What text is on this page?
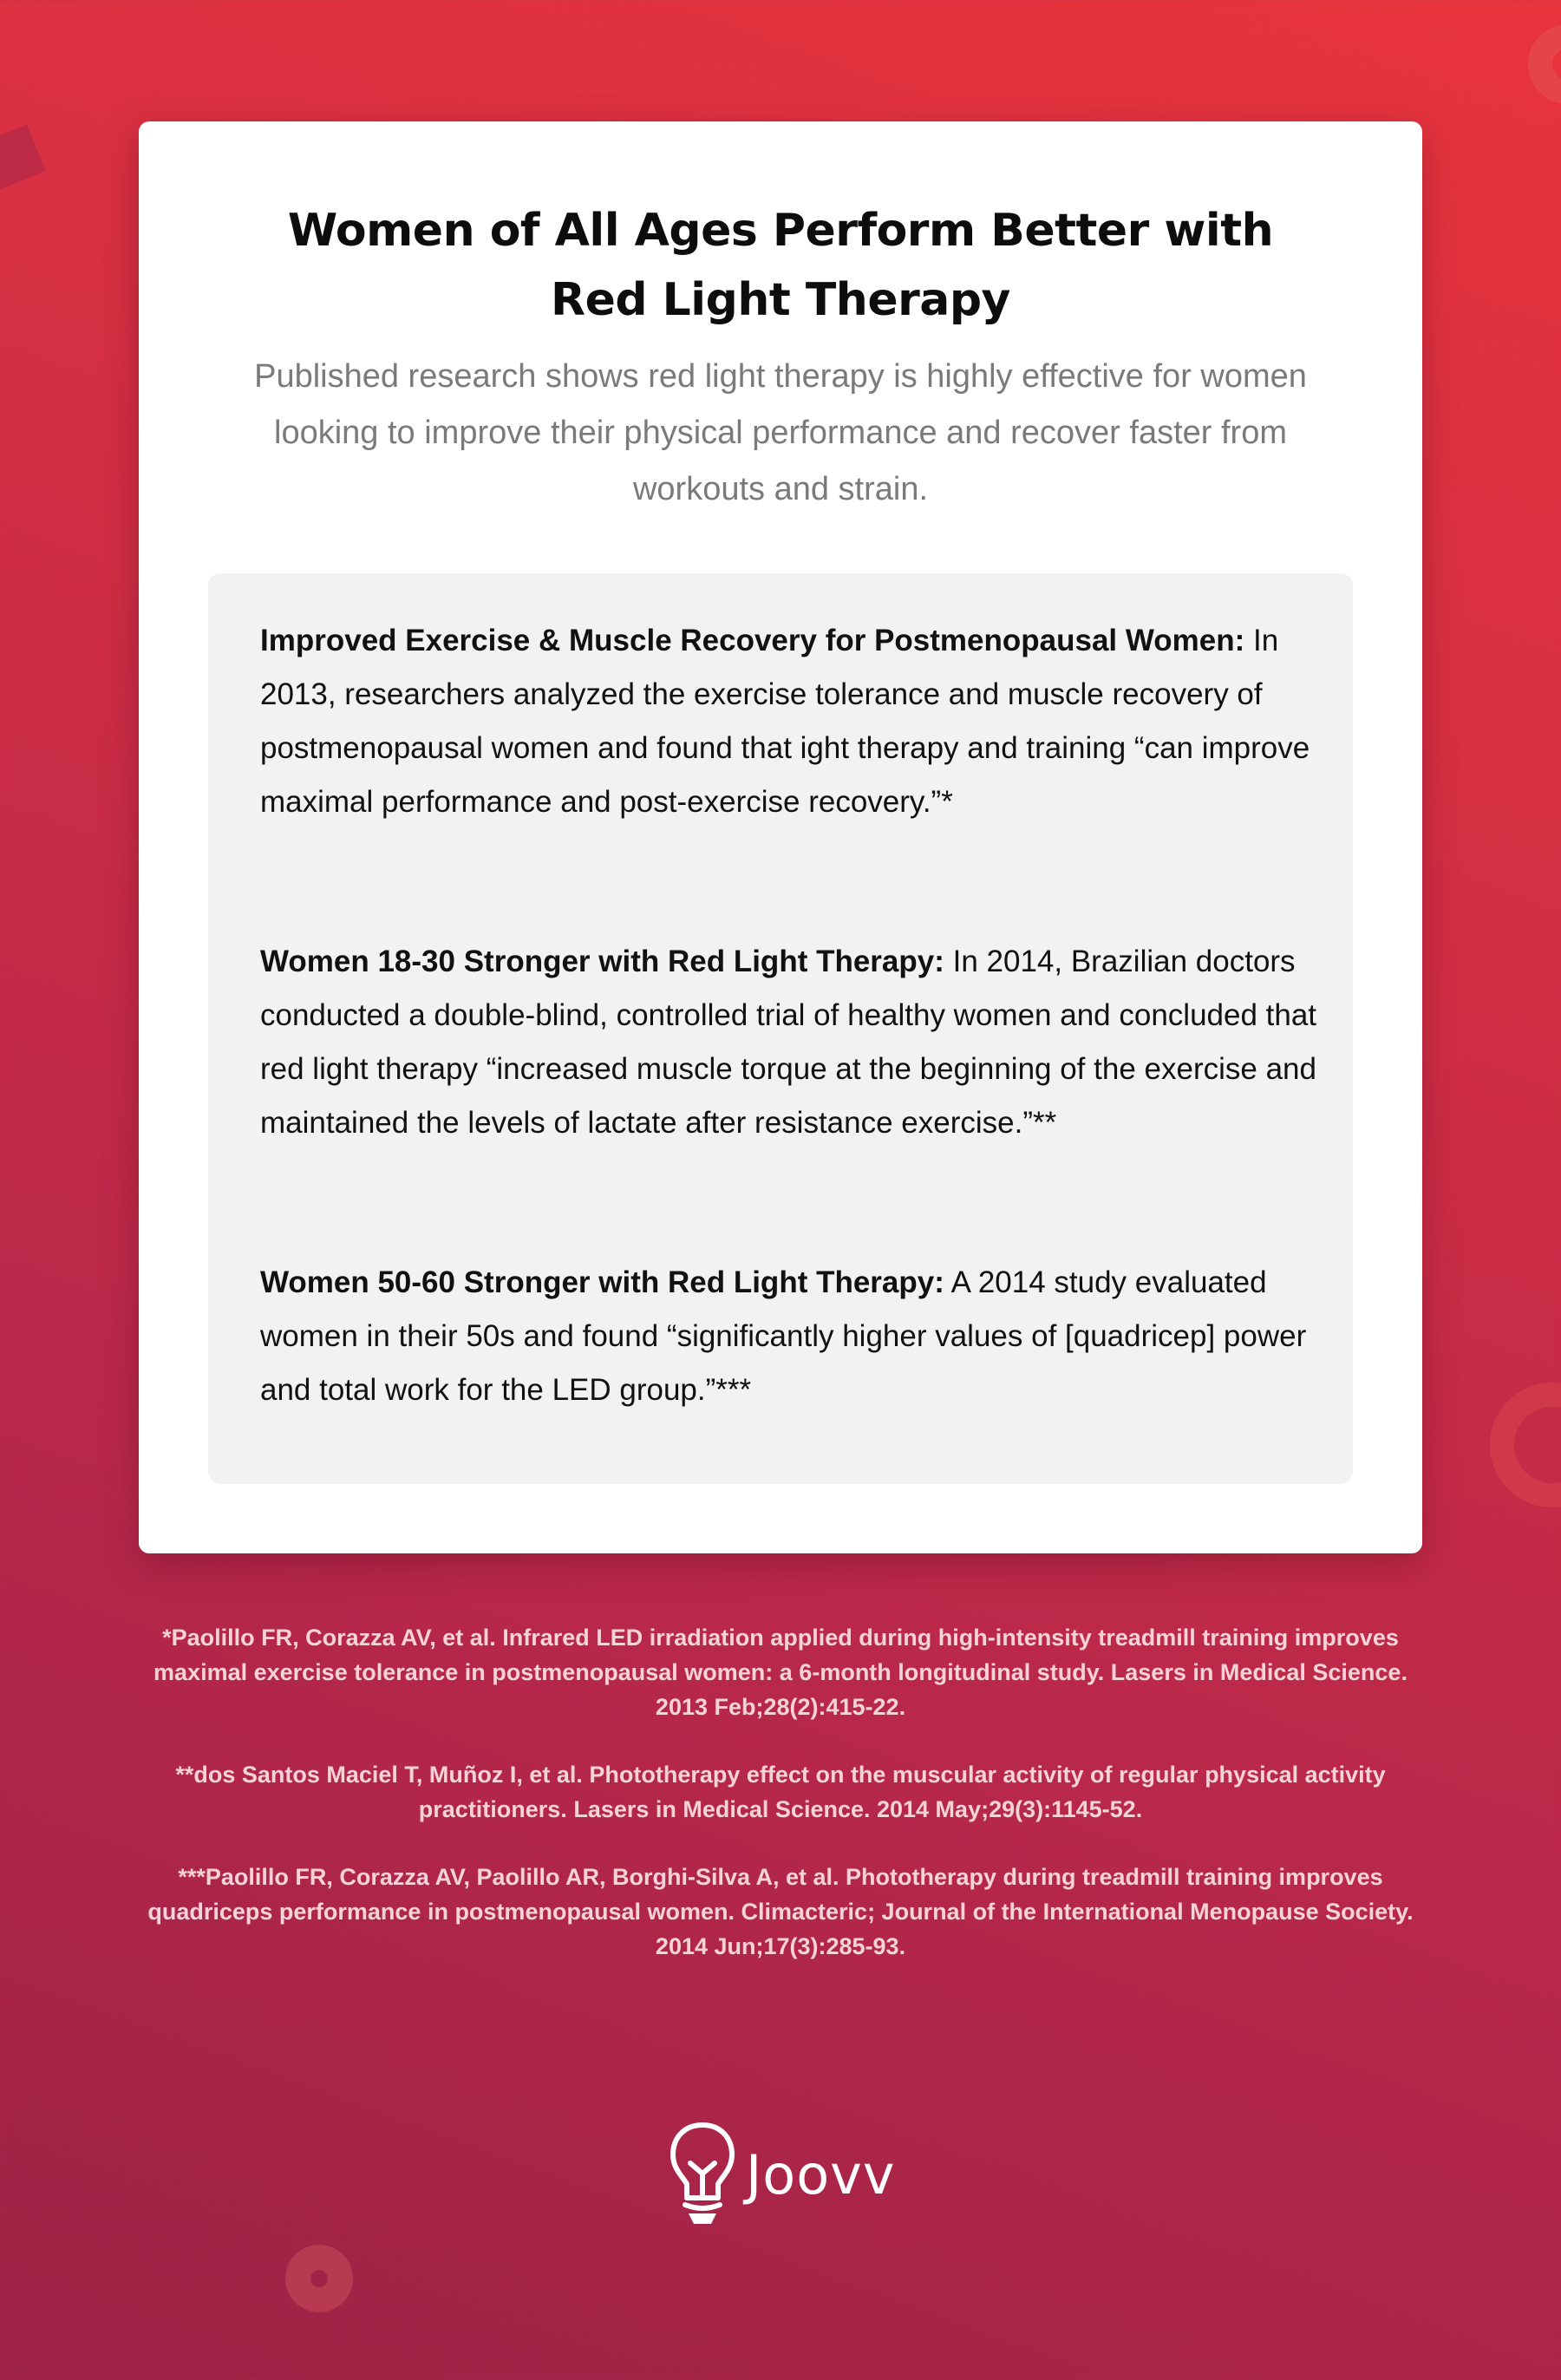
Women of All Ages Perform Better with
Red Light Therapy

Published research shows red light therapy is highly effective for women looking to improve their physical performance and recover faster from workouts and strain.

Improved Exercise & Muscle Recovery for Postmenopausal Women: In 2013, researchers analyzed the exercise tolerance and muscle recovery of postmenopausal women and found that ight therapy and training “can improve maximal performance and post-exercise recovery.”*

Women 18-30 Stronger with Red Light Therapy: In 2014, Brazilian doctors conducted a double-blind, controlled trial of healthy women and concluded that red light therapy “increased muscle torque at the beginning of the exercise and maintained the levels of lactate after resistance exercise.”**

Women 50-60 Stronger with Red Light Therapy: A 2014 study evaluated women in their 50s and found “significantly higher values of [quadricep] power and total work for the LED group.”***

*Paolillo FR, Corazza AV, et al. Infrared LED irradiation applied during high-intensity treadmill training improves maximal exercise tolerance in postmenopausal women: a 6-month longitudinal study. Lasers in Medical Science. 2013 Feb;28(2):415-22.

**dos Santos Maciel T, Muñoz I, et al. Phototherapy effect on the muscular activity of regular physical activity practitioners. Lasers in Medical Science. 2014 May;29(3):1145-52.

***Paolillo FR, Corazza AV, Paolillo AR, Borghi-Silva A, et al. Phototherapy during treadmill training improves quadriceps performance in postmenopausal women. Climacteric; Journal of the International Menopause Society. 2014 Jun;17(3):285-93.

Joovv
